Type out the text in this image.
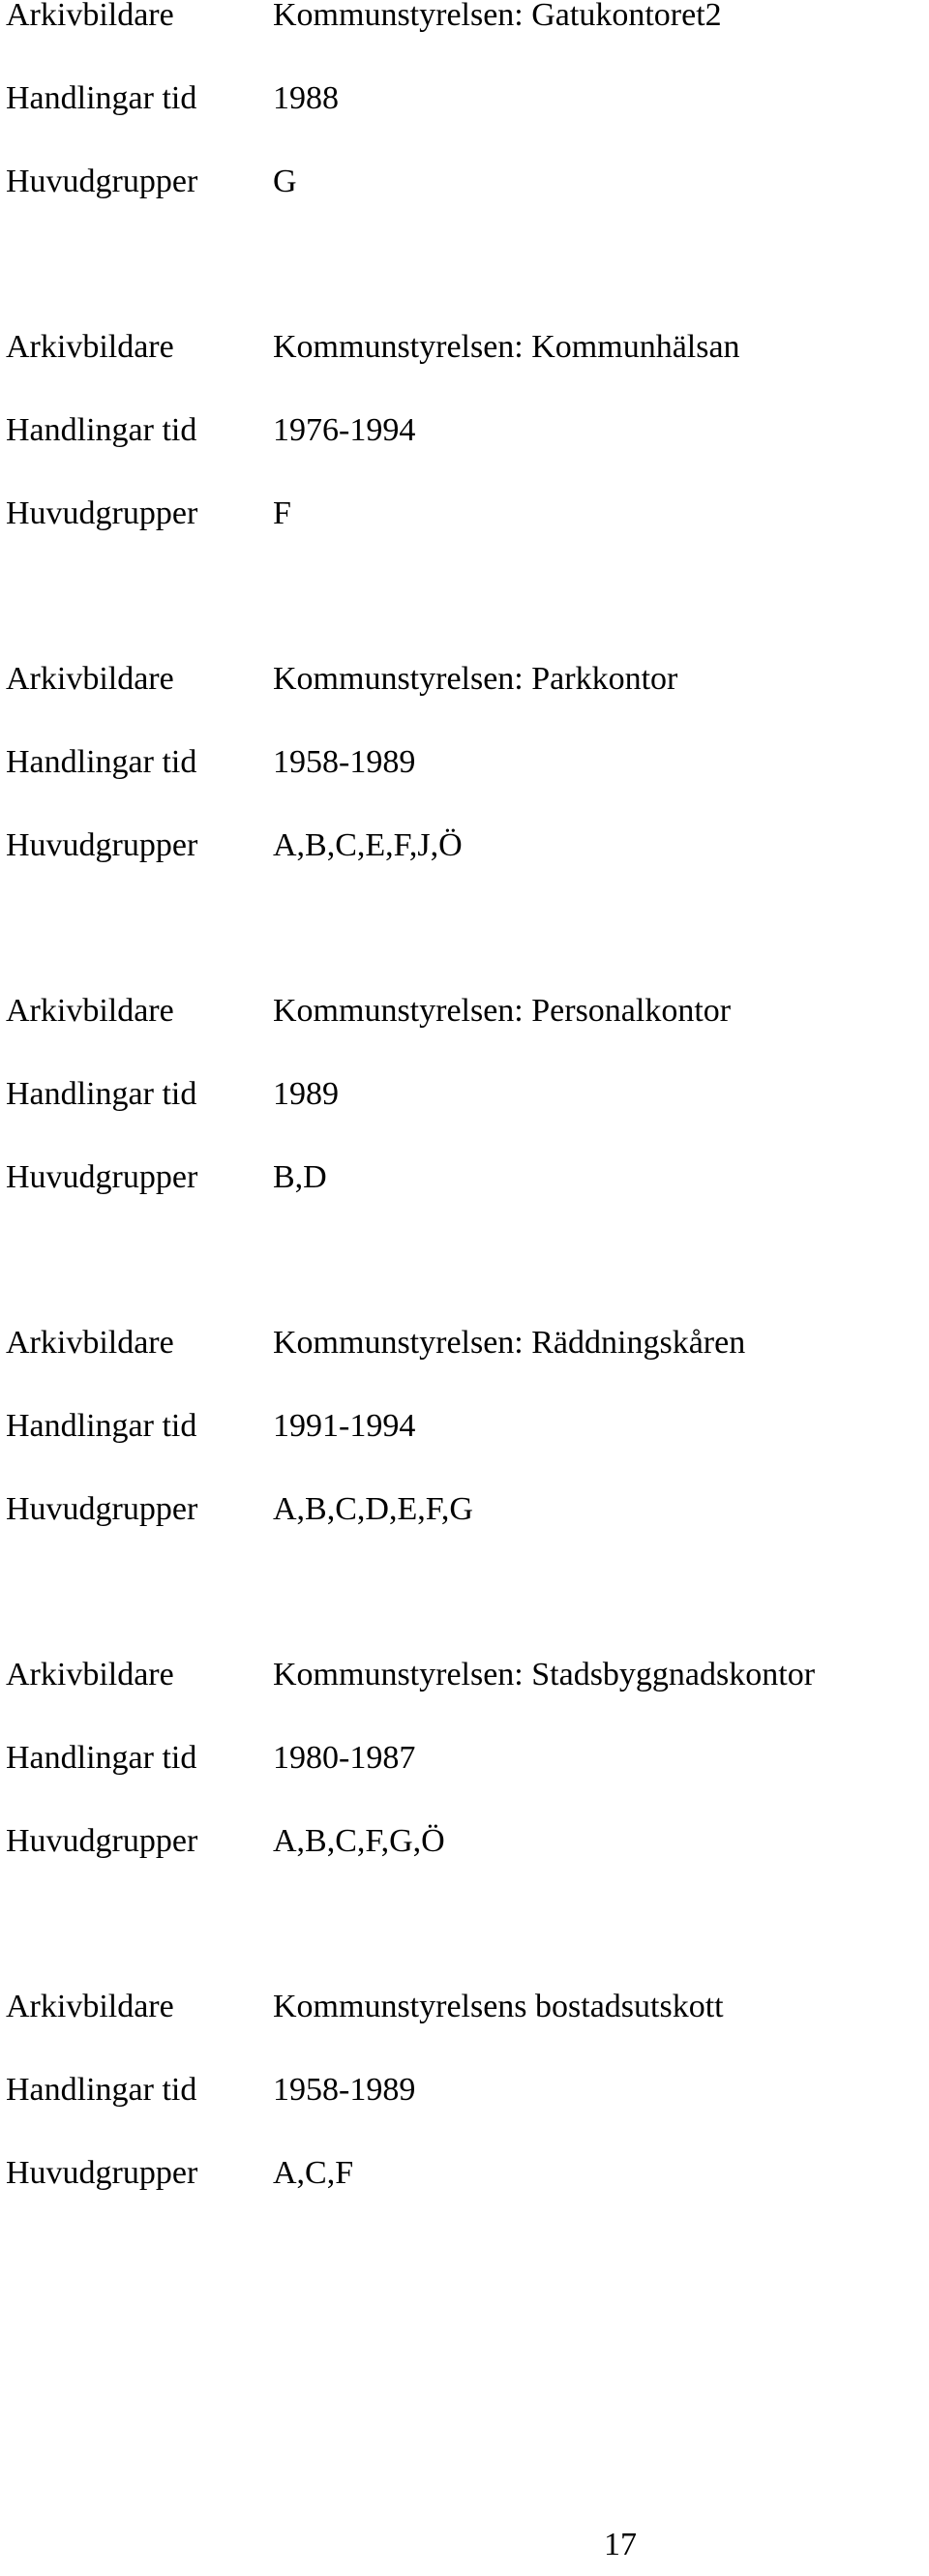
Arkivbildare	Kommunstyrelsen: Gatukontoret2
Handlingar tid	1988
Huvudgrupper	G
Arkivbildare	Kommunstyrelsen: Kommunhälsan
Handlingar tid	1976-1994
Huvudgrupper	F
Arkivbildare	Kommunstyrelsen: Parkkontor
Handlingar tid	1958-1989
Huvudgrupper	A,B,C,E,F,J,Ö
Arkivbildare	Kommunstyrelsen: Personalkontor
Handlingar tid	1989
Huvudgrupper	B,D
Arkivbildare	Kommunstyrelsen: Räddningskåren
Handlingar tid	1991-1994
Huvudgrupper	A,B,C,D,E,F,G
Arkivbildare	Kommunstyrelsen: Stadsbyggnadskontor
Handlingar tid	1980-1987
Huvudgrupper	A,B,C,F,G,Ö
Arkivbildare	Kommunstyrelsens bostadsutskott
Handlingar tid	1958-1989
Huvudgrupper	A,C,F
17
